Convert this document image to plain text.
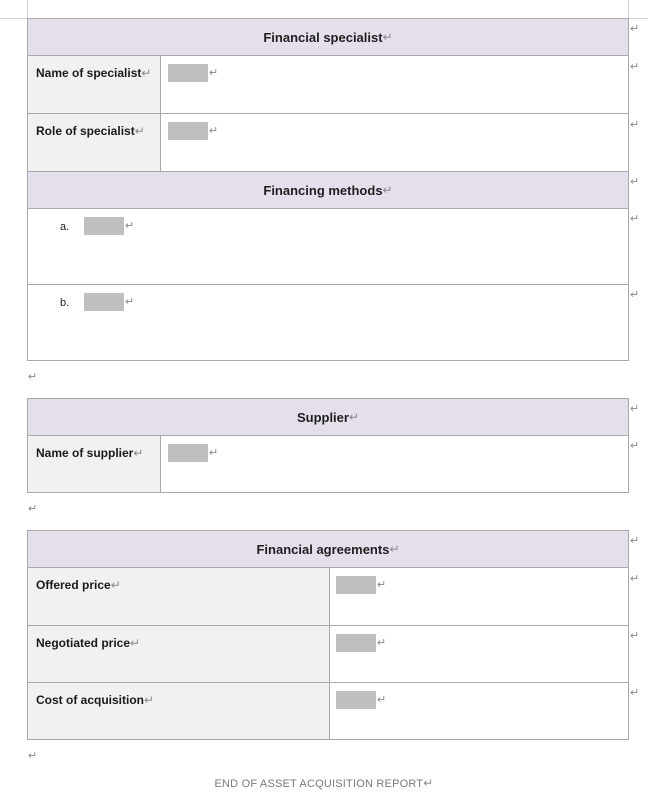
Financial specialist ↵
Name of specialist↵	↵
Role of specialist↵	↵
Financing methods ↵
a.	↵
b.	↵
↵
Supplier ↵
Name of supplier↵	↵
↵
Financial agreements ↵
Offered price↵	↵
Negotiated price↵	↵
Cost of acquisition↵	↵
↵
↵
↵
↵
↵
↵
↵
↵
↵
↵
↵
↵
↵
END OF ASSET ACQUISITION REPORT↵
